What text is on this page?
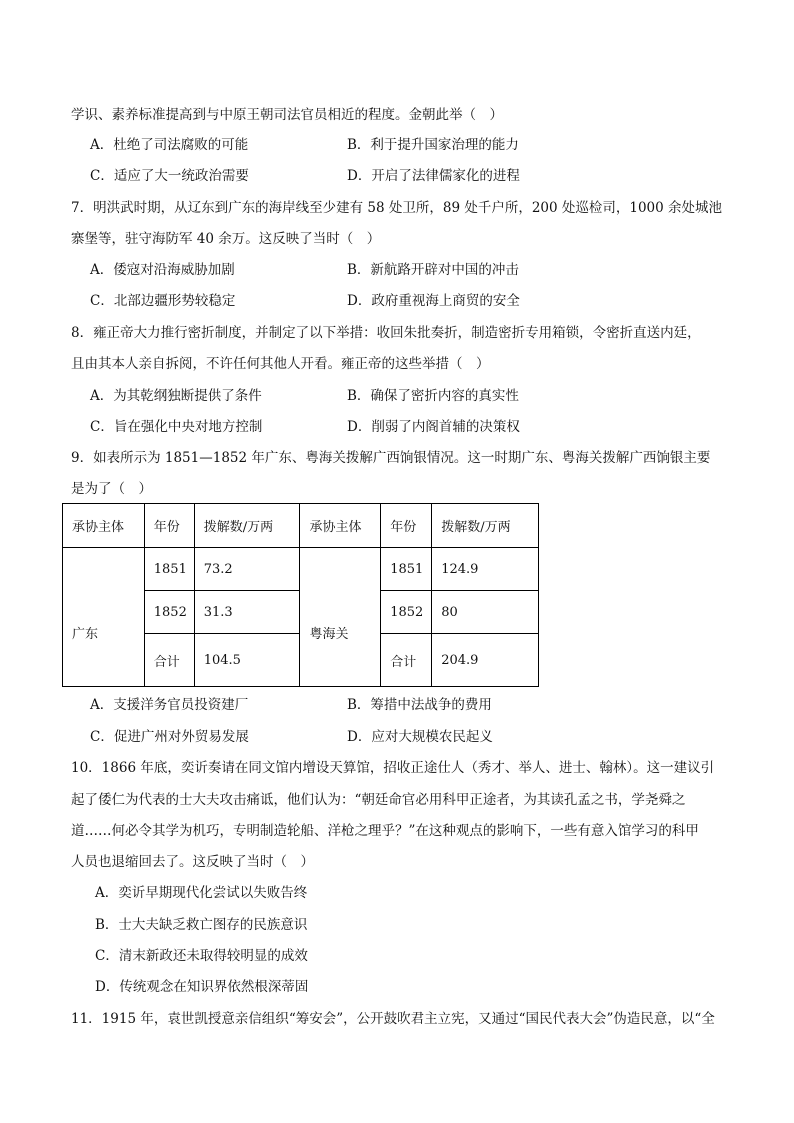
学识、素养标准提高到与中原王朝司法官员相近的程度。金朝此举（　）
A．杜绝了司法腐败的可能	B．利于提升国家治理的能力
C．适应了大一统政治需要	D．开启了法律儒家化的进程
7．明洪武时期，从辽东到广东的海岸线至少建有 58 处卫所，89 处千户所，200 处巡检司，1000 余处城池
寨堡等，驻守海防军 40 余万。这反映了当时（　）
A．倭寇对沿海威胁加剧	B．新航路开辟对中国的冲击
C．北部边疆形势较稳定	D．政府重视海上商贸的安全
8．雍正帝大力推行密折制度，并制定了以下举措：收回朱批奏折，制造密折专用箱锁，令密折直送内廷，
且由其本人亲自拆阅，不许任何其他人开看。雍正帝的这些举措（　）
A．为其乾纲独断提供了条件	B．确保了密折内容的真实性
C．旨在强化中央对地方控制	D．削弱了内阁首辅的决策权
9．如表所示为 1851—1852 年广东、粤海关拨解广西饷银情况。这一时期广东、粤海关拨解广西饷银主要
是为了（　）
承协主体	年份	拨解数/万两	承协主体	年份	拨解数/万两
广东	1851	73.2	粤海关	1851	124.9
	1852	31.3		1852	80
	合计	104.5		合计	204.9
A．支援洋务官员投资建厂	B．筹措中法战争的费用
C．促进广州对外贸易发展	D．应对大规模农民起义
10．1866 年底，奕䜣奏请在同文馆内增设天算馆，招收正途仕人（秀才、举人、进士、翰林）。这一建议引
起了倭仁为代表的士大夫攻击痛诋，他们认为：“朝廷命官必用科甲正途者，为其读孔孟之书，学尧舜之
道……何必令其学为机巧，专明制造轮船、洋枪之理乎？”在这种观点的影响下，一些有意入馆学习的科甲
人员也退缩回去了。这反映了当时（　）
A．奕䜣早期现代化尝试以失败告终
B．士大夫缺乏救亡图存的民族意识
C．清末新政还未取得较明显的成效
D．传统观念在知识界依然根深蒂固
11．1915 年，袁世凯授意亲信组织“筹安会”，公开鼓吹君主立宪，又通过“国民代表大会”伪造民意，以“全
